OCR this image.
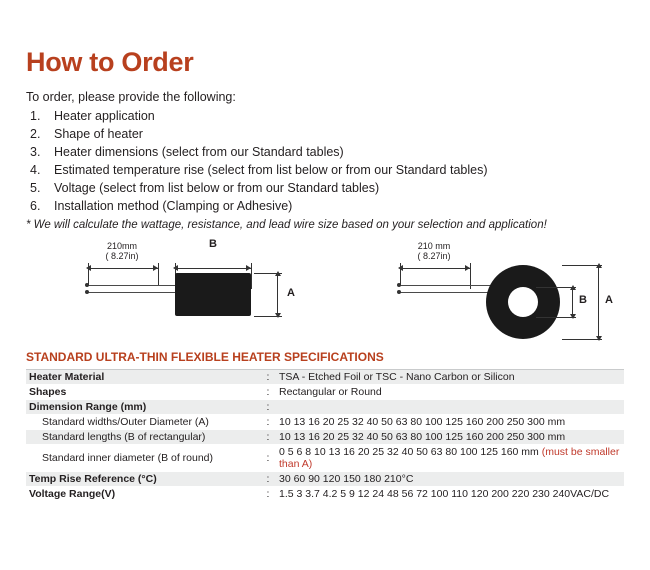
How to Order

To order, please provide the following:

1. Heater application
2. Shape of heater
3. Heater dimensions (select from our Standard tables)
4. Estimated temperature rise (select from list below or from our Standard tables)
5. Voltage (select from list below or from our Standard tables)
6. Installation method (Clamping or Adhesive)

* We will calculate the wattage, resistance, and lead wire size based on your selection and application!

210mm
( 8.27in)
B
A
210 mm
( 8.27in)
B A
STANDARD ULTRA-THIN FLEXIBLE HEATER SPECIFICATIONS
Heater Material	:	TSA - Etched Foil or TSC - Nano Carbon or Silicon
Shapes	:	Rectangular or Round
Dimension Range (mm)	:	
Standard widths/Outer Diameter (A)	:	10 13 16 20 25 32 40 50 63 80 100 125 160 200 250 300 mm
Standard lengths (B of rectangular)	:	10 13 16 20 25 32 40 50 63 80 100 125 160 200 250 300 mm
Standard inner diameter (B of round)	:	0 5 6 8 10 13 16 20 25 32 40 50 63 80 100 125 160 mm (must be smaller than A)
Temp Rise Reference (°C)	:	30 60 90 120 150 180 210°C
Voltage Range(V)	:	1.5 3 3.7 4.2 5 9 12 24 48 56 72 100 110 120 200 220 230 240VAC/DC
